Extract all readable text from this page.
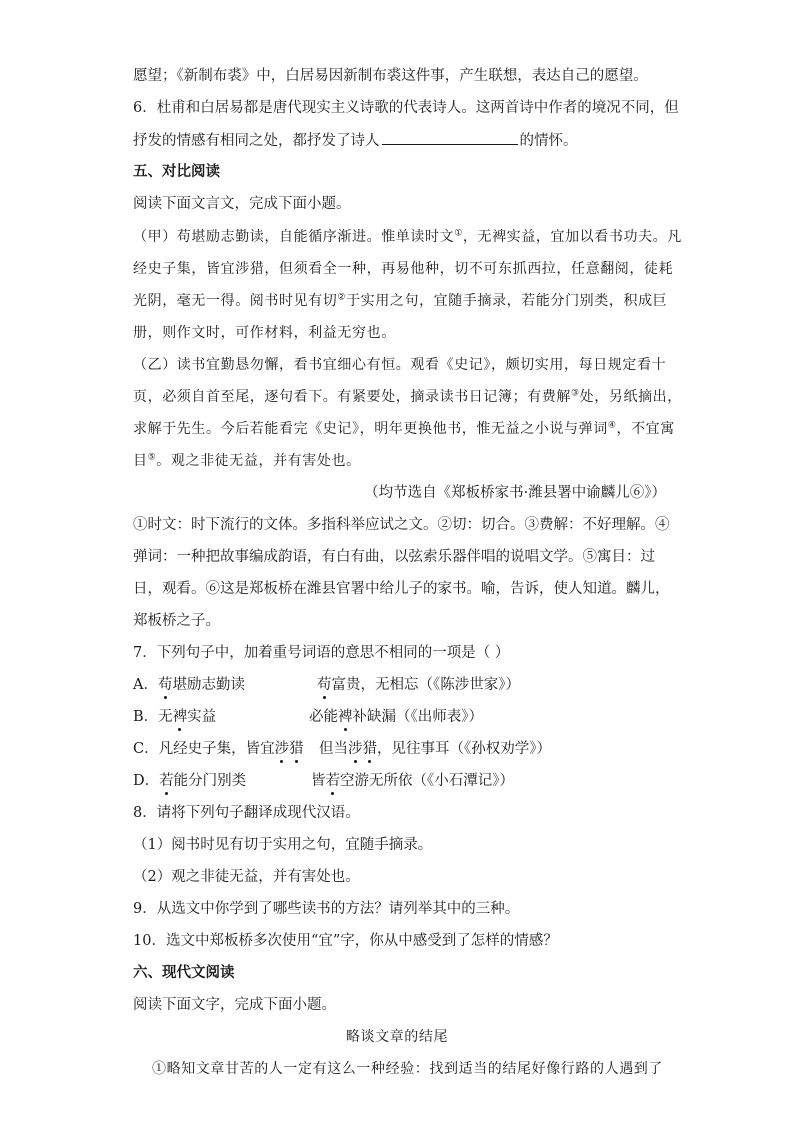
愿望；《新制布裘》中，白居易因新制布裘这件事，产生联想，表达自己的愿望。
6．杜甫和白居易都是唐代现实主义诗歌的代表诗人。这两首诗中作者的境况不同，但
抒发的情感有相同之处，都抒发了诗人	的情怀。
五、对比阅读
阅读下面文言文，完成下面小题。
（甲）苟堪励志勤读，自能循序渐进。惟单读时文①，无裨实益，宜加以看书功夫。凡
经史子集，皆宜涉猎，但须看全一种，再易他种，切不可东抓西拉，任意翻阅，徒耗
光阴，毫无一得。阅书时见有切②于实用之句，宜随手摘录，若能分门别类，积成巨
册，则作文时，可作材料，利益无穷也。
（乙）读书宜勤恳勿懈，看书宜细心有恒。观看《史记》，颇切实用，每日规定看十
页，必须自首至尾，逐句看下。有紧要处，摘录读书日记簿；有费解③处，另纸摘出，
求解于先生。今后若能看完《史记》，明年更换他书，惟无益之小说与弹词④，不宜寓
目⑤。观之非徒无益，并有害处也。
（均节选自《郑板桥家书·潍县署中谕麟儿⑥》）
①时文：时下流行的文体。多指科举应试之文。②切：切合。③费解：不好理解。④
弹词：一种把故事编成韵语，有白有曲，以弦索乐器伴唱的说唱文学。⑤寓目：过
日，观看。⑥这是郑板桥在潍县官署中给儿子的家书。喻，告诉，使人知道。麟儿，
郑板桥之子。
7．下列句子中，加着重号词语的意思不相同的一项是（ ）
A．苟堪励志勤读	苟富贵，无相忘（《陈涉世家》）
B．无裨实益	必能裨补缺漏（《出师表》）
C．凡经史子集，皆宜涉猎 但当涉猎，见往事耳（《孙权劝学》）
D．若能分门别类	皆若空游无所依（《小石潭记》）
8．请将下列句子翻译成现代汉语。
（1）阅书时见有切于实用之句，宜随手摘录。
（2）观之非徒无益，并有害处也。
9．从选文中你学到了哪些读书的方法？请列举其中的三种。
10．选文中郑板桥多次使用“宜”字，你从中感受到了怎样的情感？
六、现代文阅读
阅读下面文字，完成下面小题。
略谈文章的结尾
①略知文章甘苦的人一定有这么一种经验：找到适当的结尾好像行路的人遇到了
